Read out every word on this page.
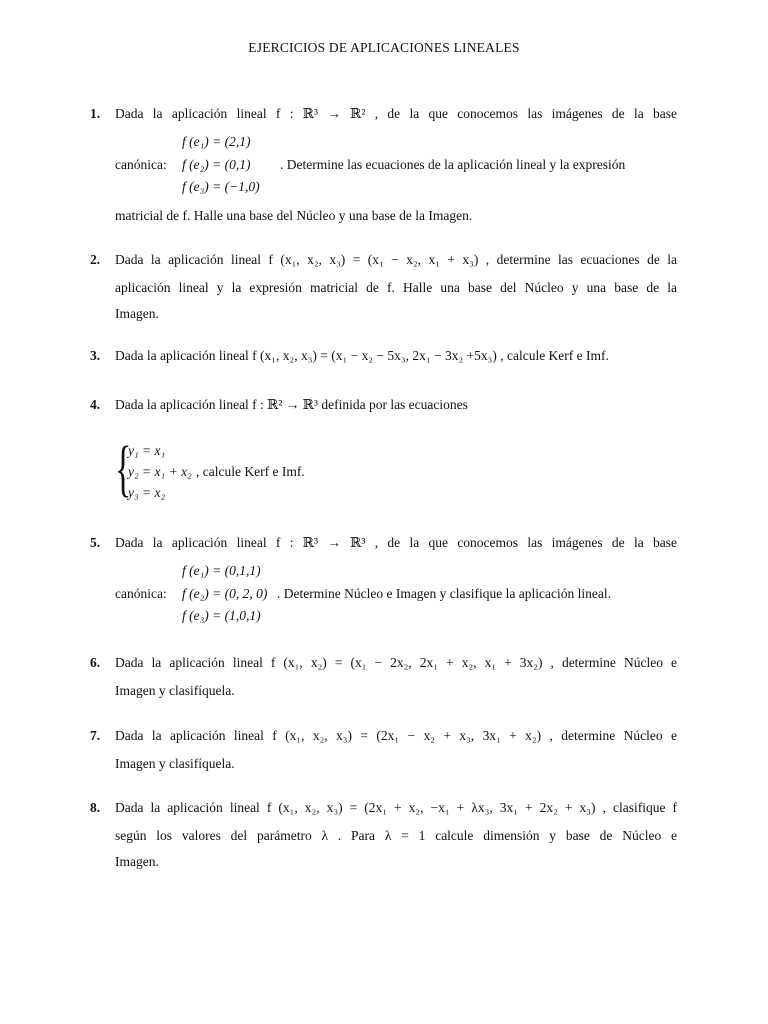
EJERCICIOS DE APLICACIONES LINEALES
1. Dada la aplicación lineal f : ℝ³ → ℝ² , de la que conocemos las imágenes de la base
f (e₁) = (2,1)
canónica: f (e₂) = (0,1) . Determine las ecuaciones de la aplicación lineal y la expresión
f (e₃) = (−1,0)
matricial de f. Halle una base del Núcleo y una base de la Imagen.
2. Dada la aplicación lineal f (x₁, x₂, x₃) = (x₁ − x₂, x₁ + x₃) , determine las ecuaciones de la
aplicación lineal y la expresión matricial de f. Halle una base del Núcleo y una base de la
Imagen.
3. Dada la aplicación lineal f (x₁, x₂, x₃) = (x₁ − x₂ − 5x₃, 2x₁ − 3x₂ +5x₃) , calcule Kerf e Imf.
4. Dada la aplicación lineal f : ℝ² → ℝ³ definida por las ecuaciones
{
y₁ = x₁
y₂ = x₁ + x₂ , calcule Kerf e Imf.
y₃ = x₂
5. Dada la aplicación lineal f : ℝ³ → ℝ³ , de la que conocemos las imágenes de la base
f (e₁) = (0,1,1)
canónica: f (e₂) = (0, 2, 0) . Determine Núcleo e Imagen y clasifique la aplicación lineal.
f (e₃) = (1,0,1)
6. Dada la aplicación lineal f (x₁, x₂) = (x₁ − 2x₂, 2x₁ + x₂, x₁ + 3x₂) , determine Núcleo e
Imagen y clasifíquela.
7. Dada la aplicación lineal f (x₁, x₂, x₃) = (2x₁ − x₂ + x₃, 3x₁ + x₂) , determine Núcleo e
Imagen y clasifíquela.
8. Dada la aplicación lineal f (x₁, x₂, x₃) = (2x₁ + x₂, −x₁ + λx₃, 3x₁ + 2x₂ + x₃) , clasifique f
según los valores del parámetro λ . Para λ = 1 calcule dimensión y base de Núcleo e
Imagen.
